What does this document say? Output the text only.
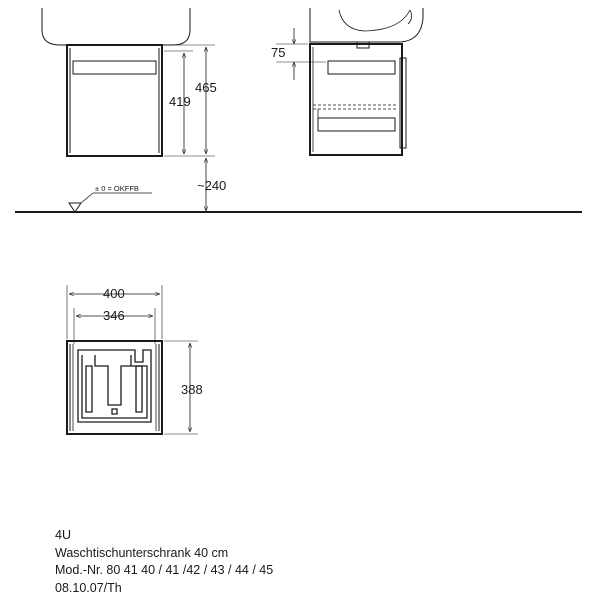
465
419
~240
± 0 = OKFFB
75
400
346
388
4U
Waschtischunterschrank 40 cm
Mod.-Nr. 80 41 40 / 41 /42 / 43 / 44 / 45
08.10.07/Th
